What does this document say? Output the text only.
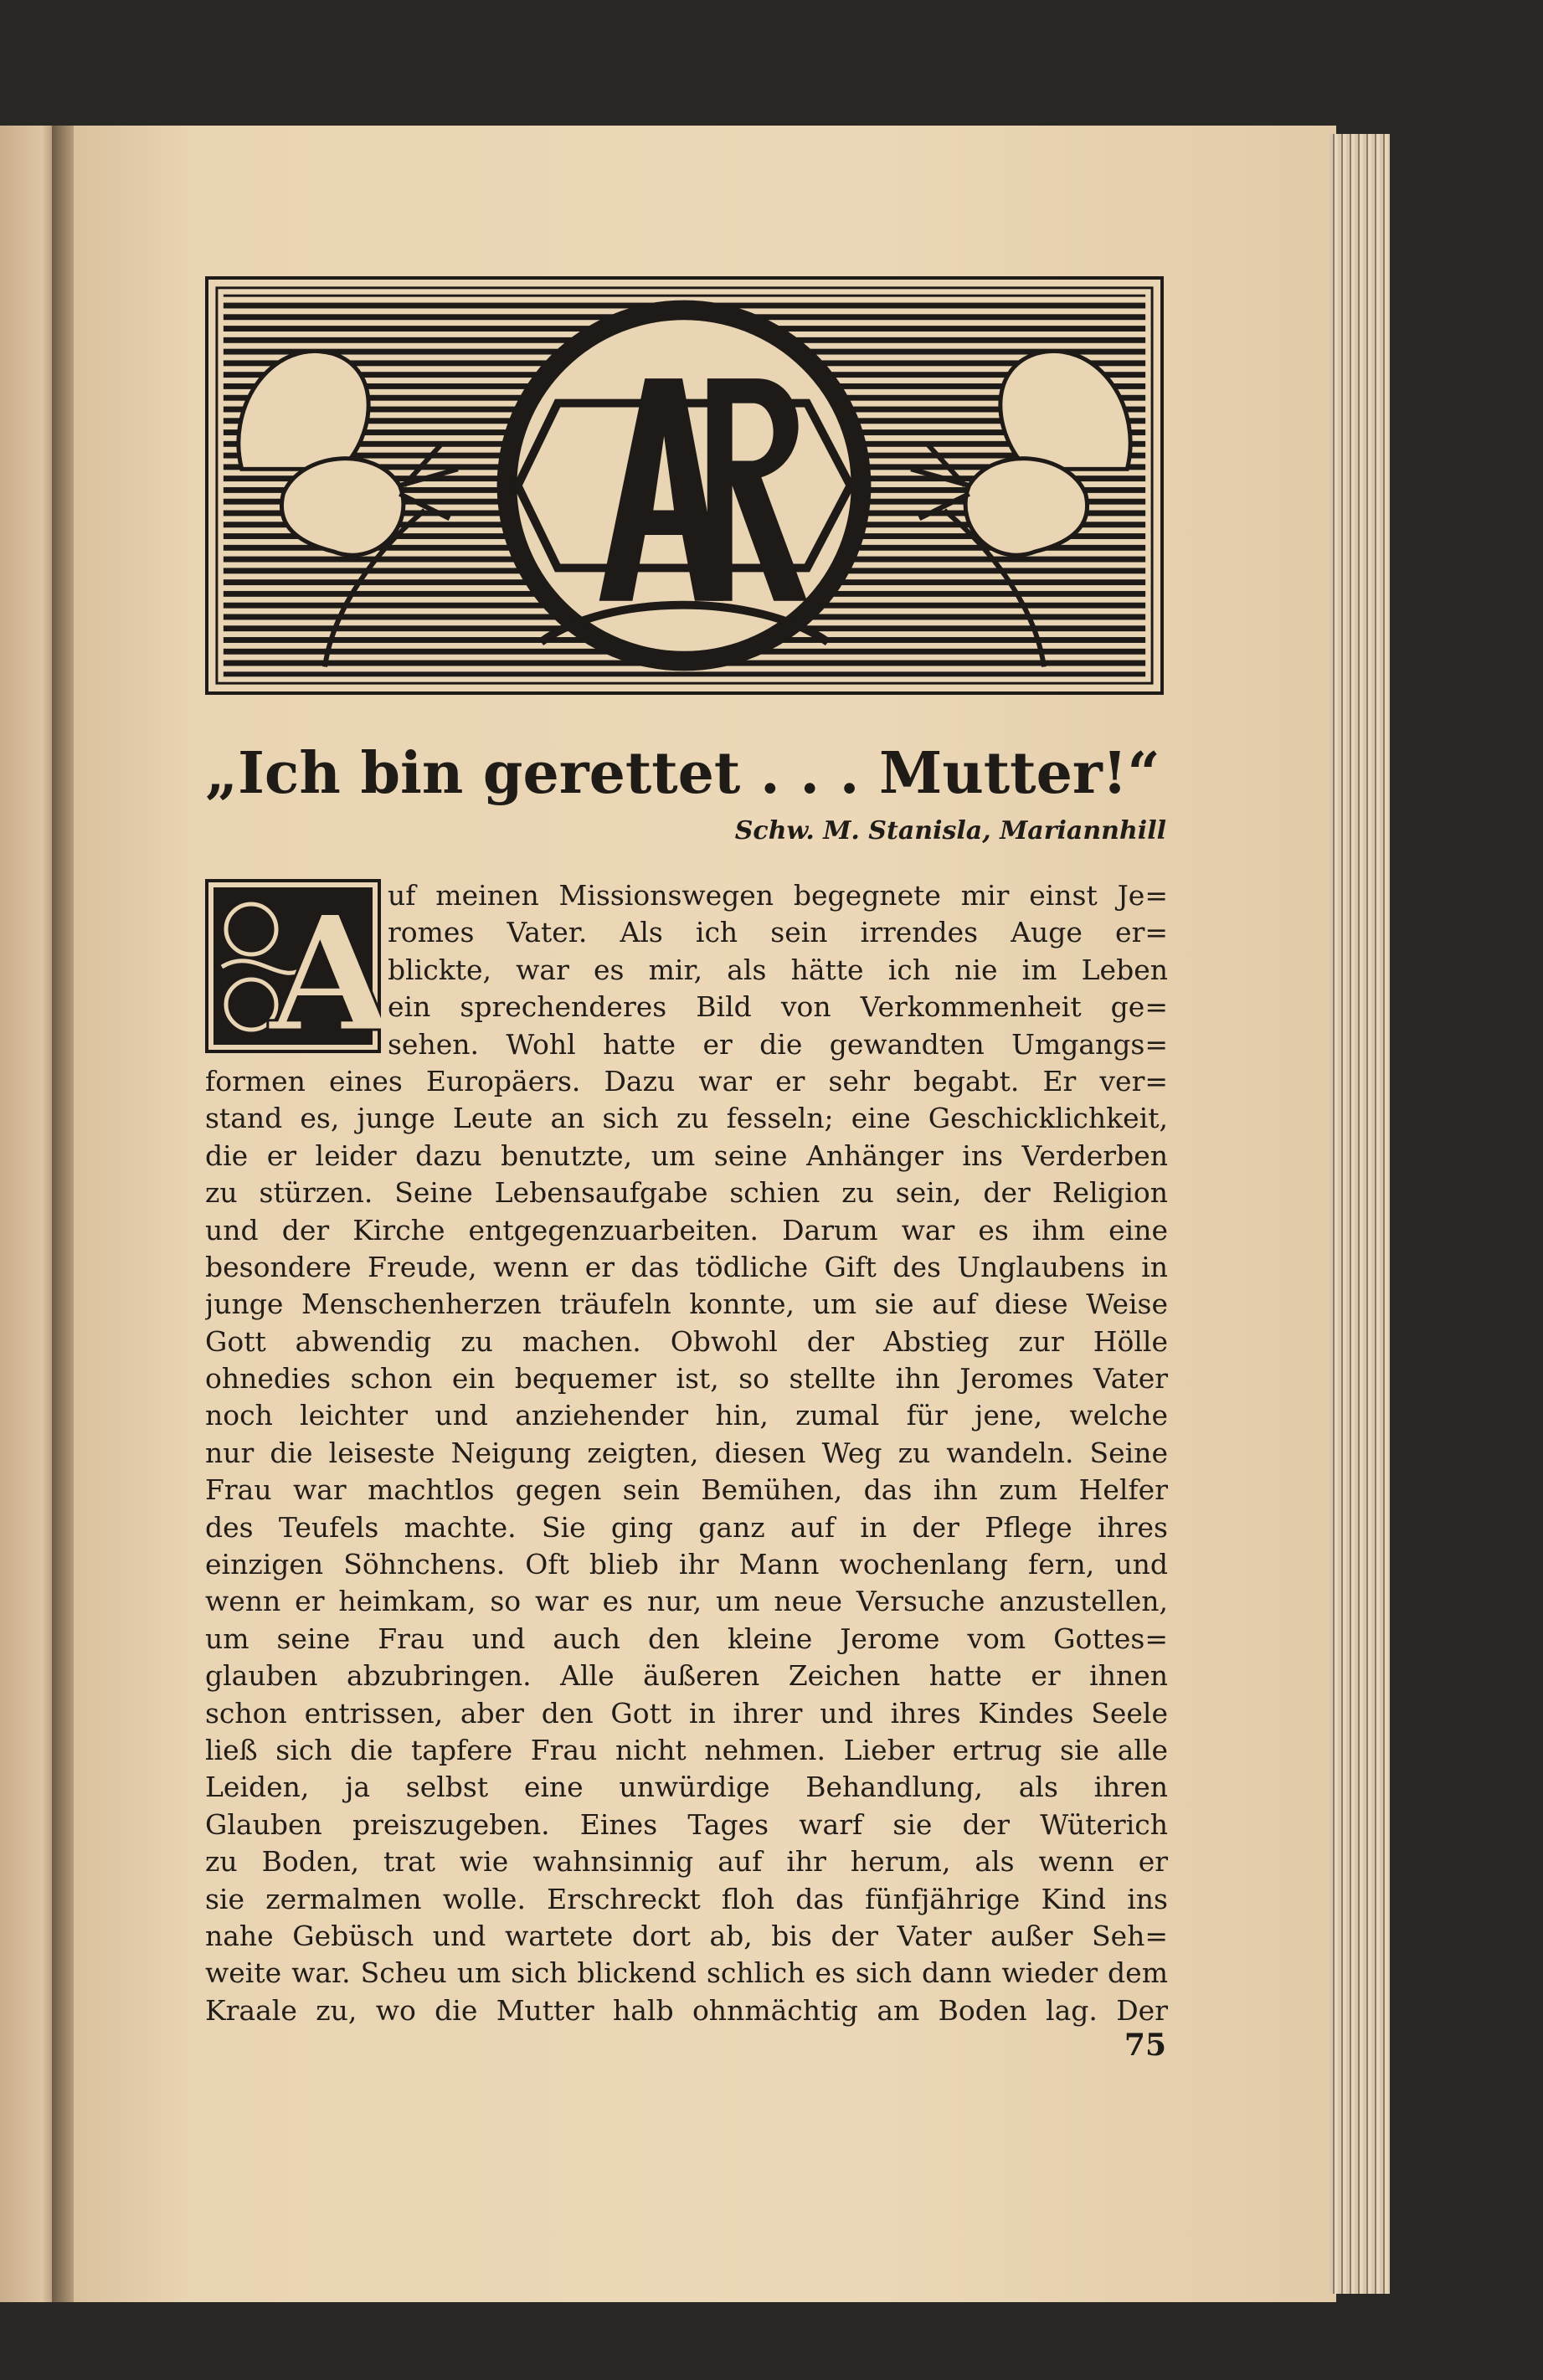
„Ich bin gerettet . . . Mutter!“
Schw. M. Stanisla, Mariannhill
A
uf meinen Missionswegen begegnete mir einst Je=
romes Vater. Als ich sein irrendes Auge er=
blickte, war es mir, als hätte ich nie im Leben
ein sprechenderes Bild von Verkommenheit ge=
sehen. Wohl hatte er die gewandten Umgangs=
formen eines Europäers. Dazu war er sehr begabt. Er ver=
stand es, junge Leute an sich zu fesseln; eine Geschicklichkeit,
die er leider dazu benutzte, um seine Anhänger ins Verderben
zu stürzen. Seine Lebensaufgabe schien zu sein, der Religion
und der Kirche entgegenzuarbeiten. Darum war es ihm eine
besondere Freude, wenn er das tödliche Gift des Unglaubens in
junge Menschenherzen träufeln konnte, um sie auf diese Weise
Gott abwendig zu machen. Obwohl der Abstieg zur Hölle
ohnedies schon ein bequemer ist, so stellte ihn Jeromes Vater
noch leichter und anziehender hin, zumal für jene, welche
nur die leiseste Neigung zeigten, diesen Weg zu wandeln. Seine
Frau war machtlos gegen sein Bemühen, das ihn zum Helfer
des Teufels machte. Sie ging ganz auf in der Pflege ihres
einzigen Söhnchens. Oft blieb ihr Mann wochenlang fern, und
wenn er heimkam, so war es nur, um neue Versuche anzustellen,
um seine Frau und auch den kleine Jerome vom Gottes=
glauben abzubringen. Alle äußeren Zeichen hatte er ihnen
schon entrissen, aber den Gott in ihrer und ihres Kindes Seele
ließ sich die tapfere Frau nicht nehmen. Lieber ertrug sie alle
Leiden, ja selbst eine unwürdige Behandlung, als ihren
Glauben preiszugeben. Eines Tages warf sie der Wüterich
zu Boden, trat wie wahnsinnig auf ihr herum, als wenn er
sie zermalmen wolle. Erschreckt floh das fünfjährige Kind ins
nahe Gebüsch und wartete dort ab, bis der Vater außer Seh=
weite war. Scheu um sich blickend schlich es sich dann wieder dem
Kraale zu, wo die Mutter halb ohnmächtig am Boden lag. Der
75
